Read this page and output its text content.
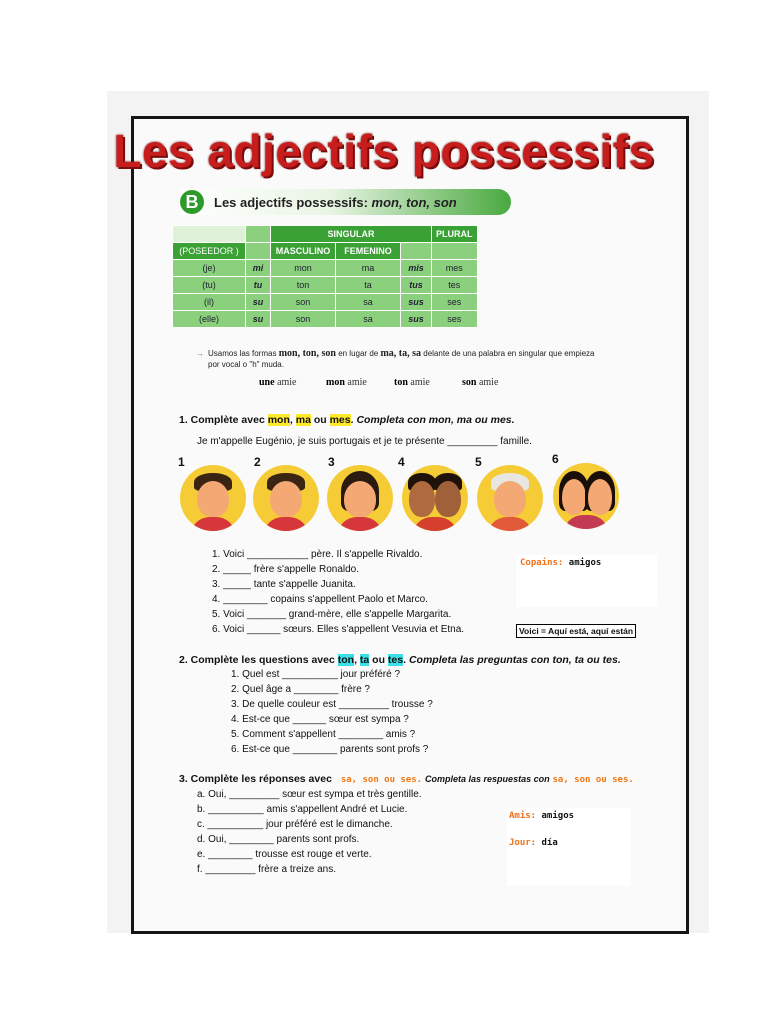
Les adjectifs possessifs
B	Les adjectifs possessifs: mon, ton, son
		SINGULAR			PLURAL
(POSEEDOR )		MASCULINO	FEMENINO		
(je)	mi	mon	ma	mis	mes
(tu)	tu	ton	ta	tus	tes
(il)	su	son	sa	sus	ses
(elle)	su	son	sa	sus	ses
→ Usamos las formas mon, ton, son en lugar de ma, ta, sa delante de una palabra en singular que empieza
por vocal o "h" muda.
une amie	mon amie	ton amie	son amie
1. Complète avec mon, ma ou mes. Completa con mon, ma ou mes.
Je m'appelle Eugénio, je suis portugais et je te présente _________ famille.
1	2	3	4	5	6
1. Voici ___________ père. Il s'appelle Rivaldo.
2. _____ frère s'appelle Ronaldo.
3. _____ tante s'appelle Juanita.
4. ________ copains s'appellent Paolo et Marco.
5. Voici _______ grand-mère, elle s'appelle Margarita.
6. Voici ______ sœurs. Elles s'appellent Vesuvia et Etna.
Copains: amigos
Voici = Aquí está, aquí están
2. Complète les questions avec ton, ta ou tes. Completa las preguntas con ton, ta ou tes.
1. Quel est __________ jour préféré ?
2. Quel âge a ________ frère ?
3. De quelle couleur est _________ trousse ?
4. Est-ce que ______ sœur est sympa ?
5. Comment s'appellent ________ amis ?
6. Est-ce que ________ parents sont profs ?
3. Complète les réponses avec sa, son ou ses. Completa las respuestas con sa, son ou ses.
a. Oui, _________ sœur est sympa et très gentille.
b. __________ amis s'appellent André et Lucie.
c. __________ jour préféré est le dimanche.
d. Oui, ________ parents sont profs.
e. ________ trousse est rouge et verte.
f. _________ frère a treize ans.
Amis: amigos
Jour: día
